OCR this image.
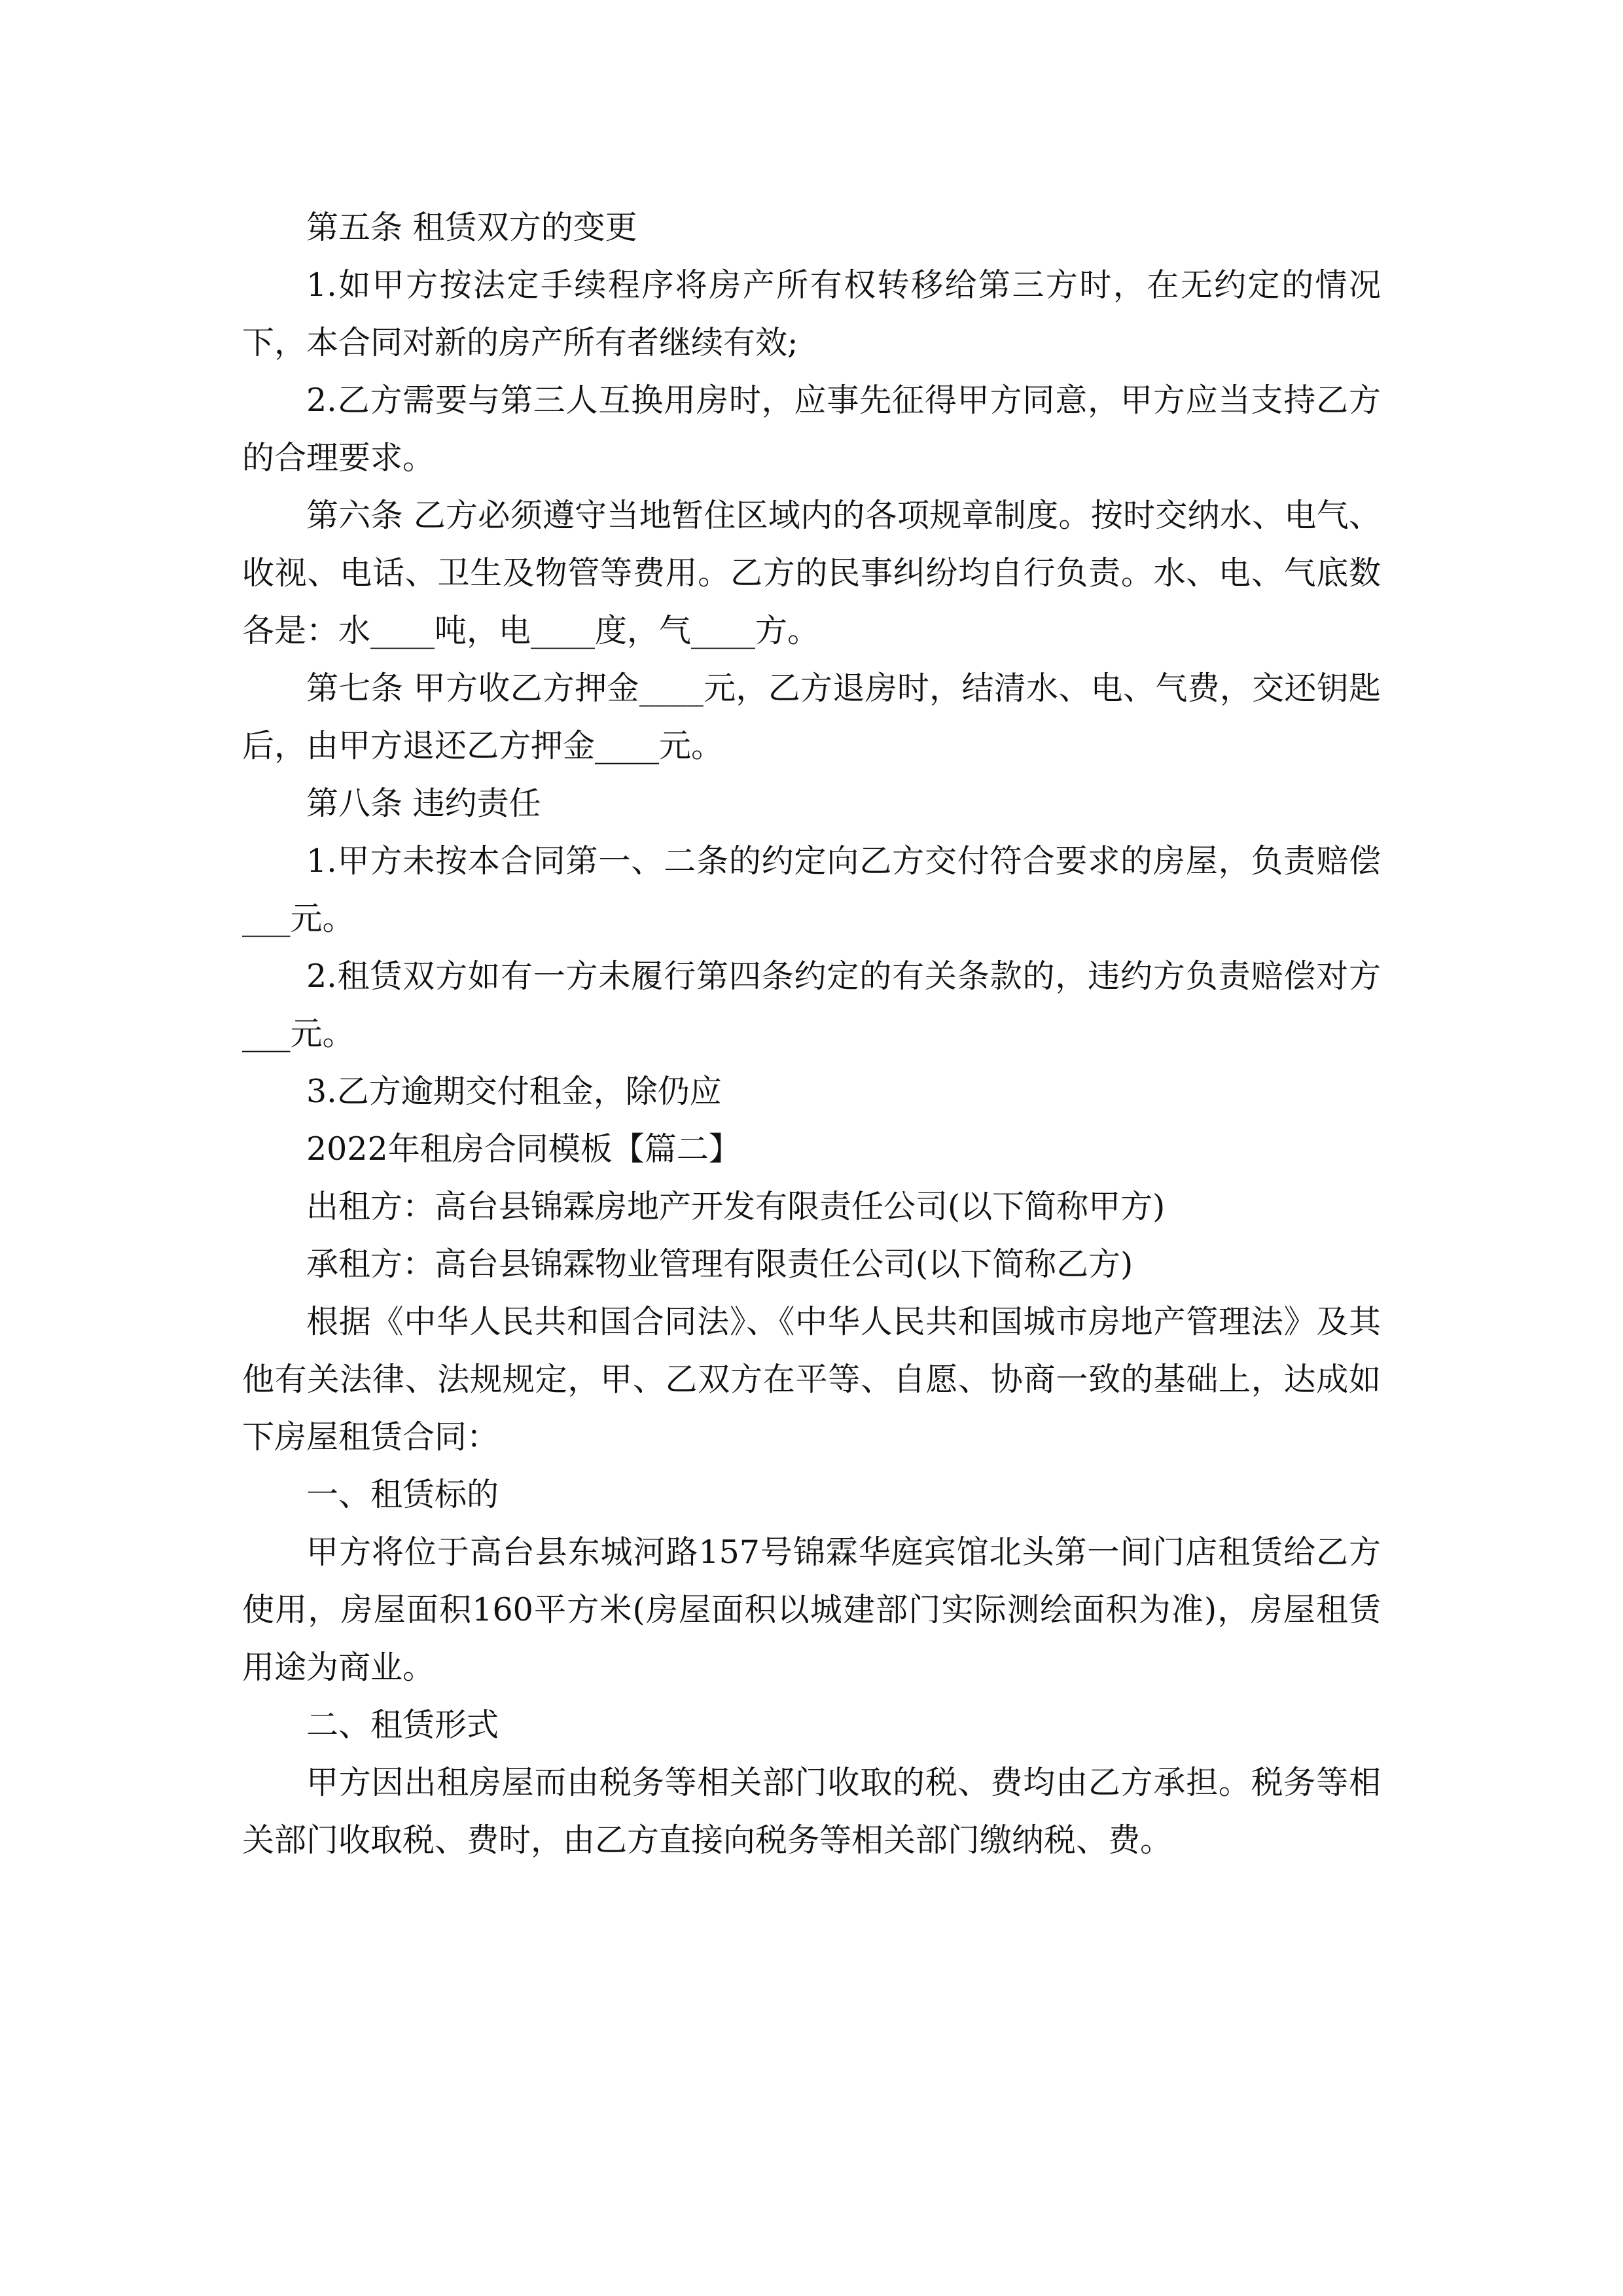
第五条 租赁双方的变更

1.如甲方按法定手续程序将房产所有权转移给第三方时，在无约定的情况下，本合同对新的房产所有者继续有效;

2.乙方需要与第三人互换用房时，应事先征得甲方同意，甲方应当支持乙方的合理要求。

第六条 乙方必须遵守当地暂住区域内的各项规章制度。按时交纳水、电气、收视、电话、卫生及物管等费用。乙方的民事纠纷均自行负责。水、电、气底数各是：水____吨，电____度，气____方。

第七条 甲方收乙方押金____元，乙方退房时，结清水、电、气费，交还钥匙后，由甲方退还乙方押金____元。

第八条 违约责任

1.甲方未按本合同第一、二条的约定向乙方交付符合要求的房屋，负责赔偿___元。

2.租赁双方如有一方未履行第四条约定的有关条款的，违约方负责赔偿对方___元。

3.乙方逾期交付租金，除仍应

2022年租房合同模板【篇二】

出租方：高台县锦霖房地产开发有限责任公司(以下简称甲方)

承租方：高台县锦霖物业管理有限责任公司(以下简称乙方)

根据《中华人民共和国合同法》、《中华人民共和国城市房地产管理法》及其他有关法律、法规规定，甲、乙双方在平等、自愿、协商一致的基础上，达成如下房屋租赁合同：

一、租赁标的

甲方将位于高台县东城河路157号锦霖华庭宾馆北头第一间门店租赁给乙方使用，房屋面积160平方米(房屋面积以城建部门实际测绘面积为准)，房屋租赁用途为商业。

二、租赁形式

甲方因出租房屋而由税务等相关部门收取的税、费均由乙方承担。税务等相关部门收取税、费时，由乙方直接向税务等相关部门缴纳税、费。
